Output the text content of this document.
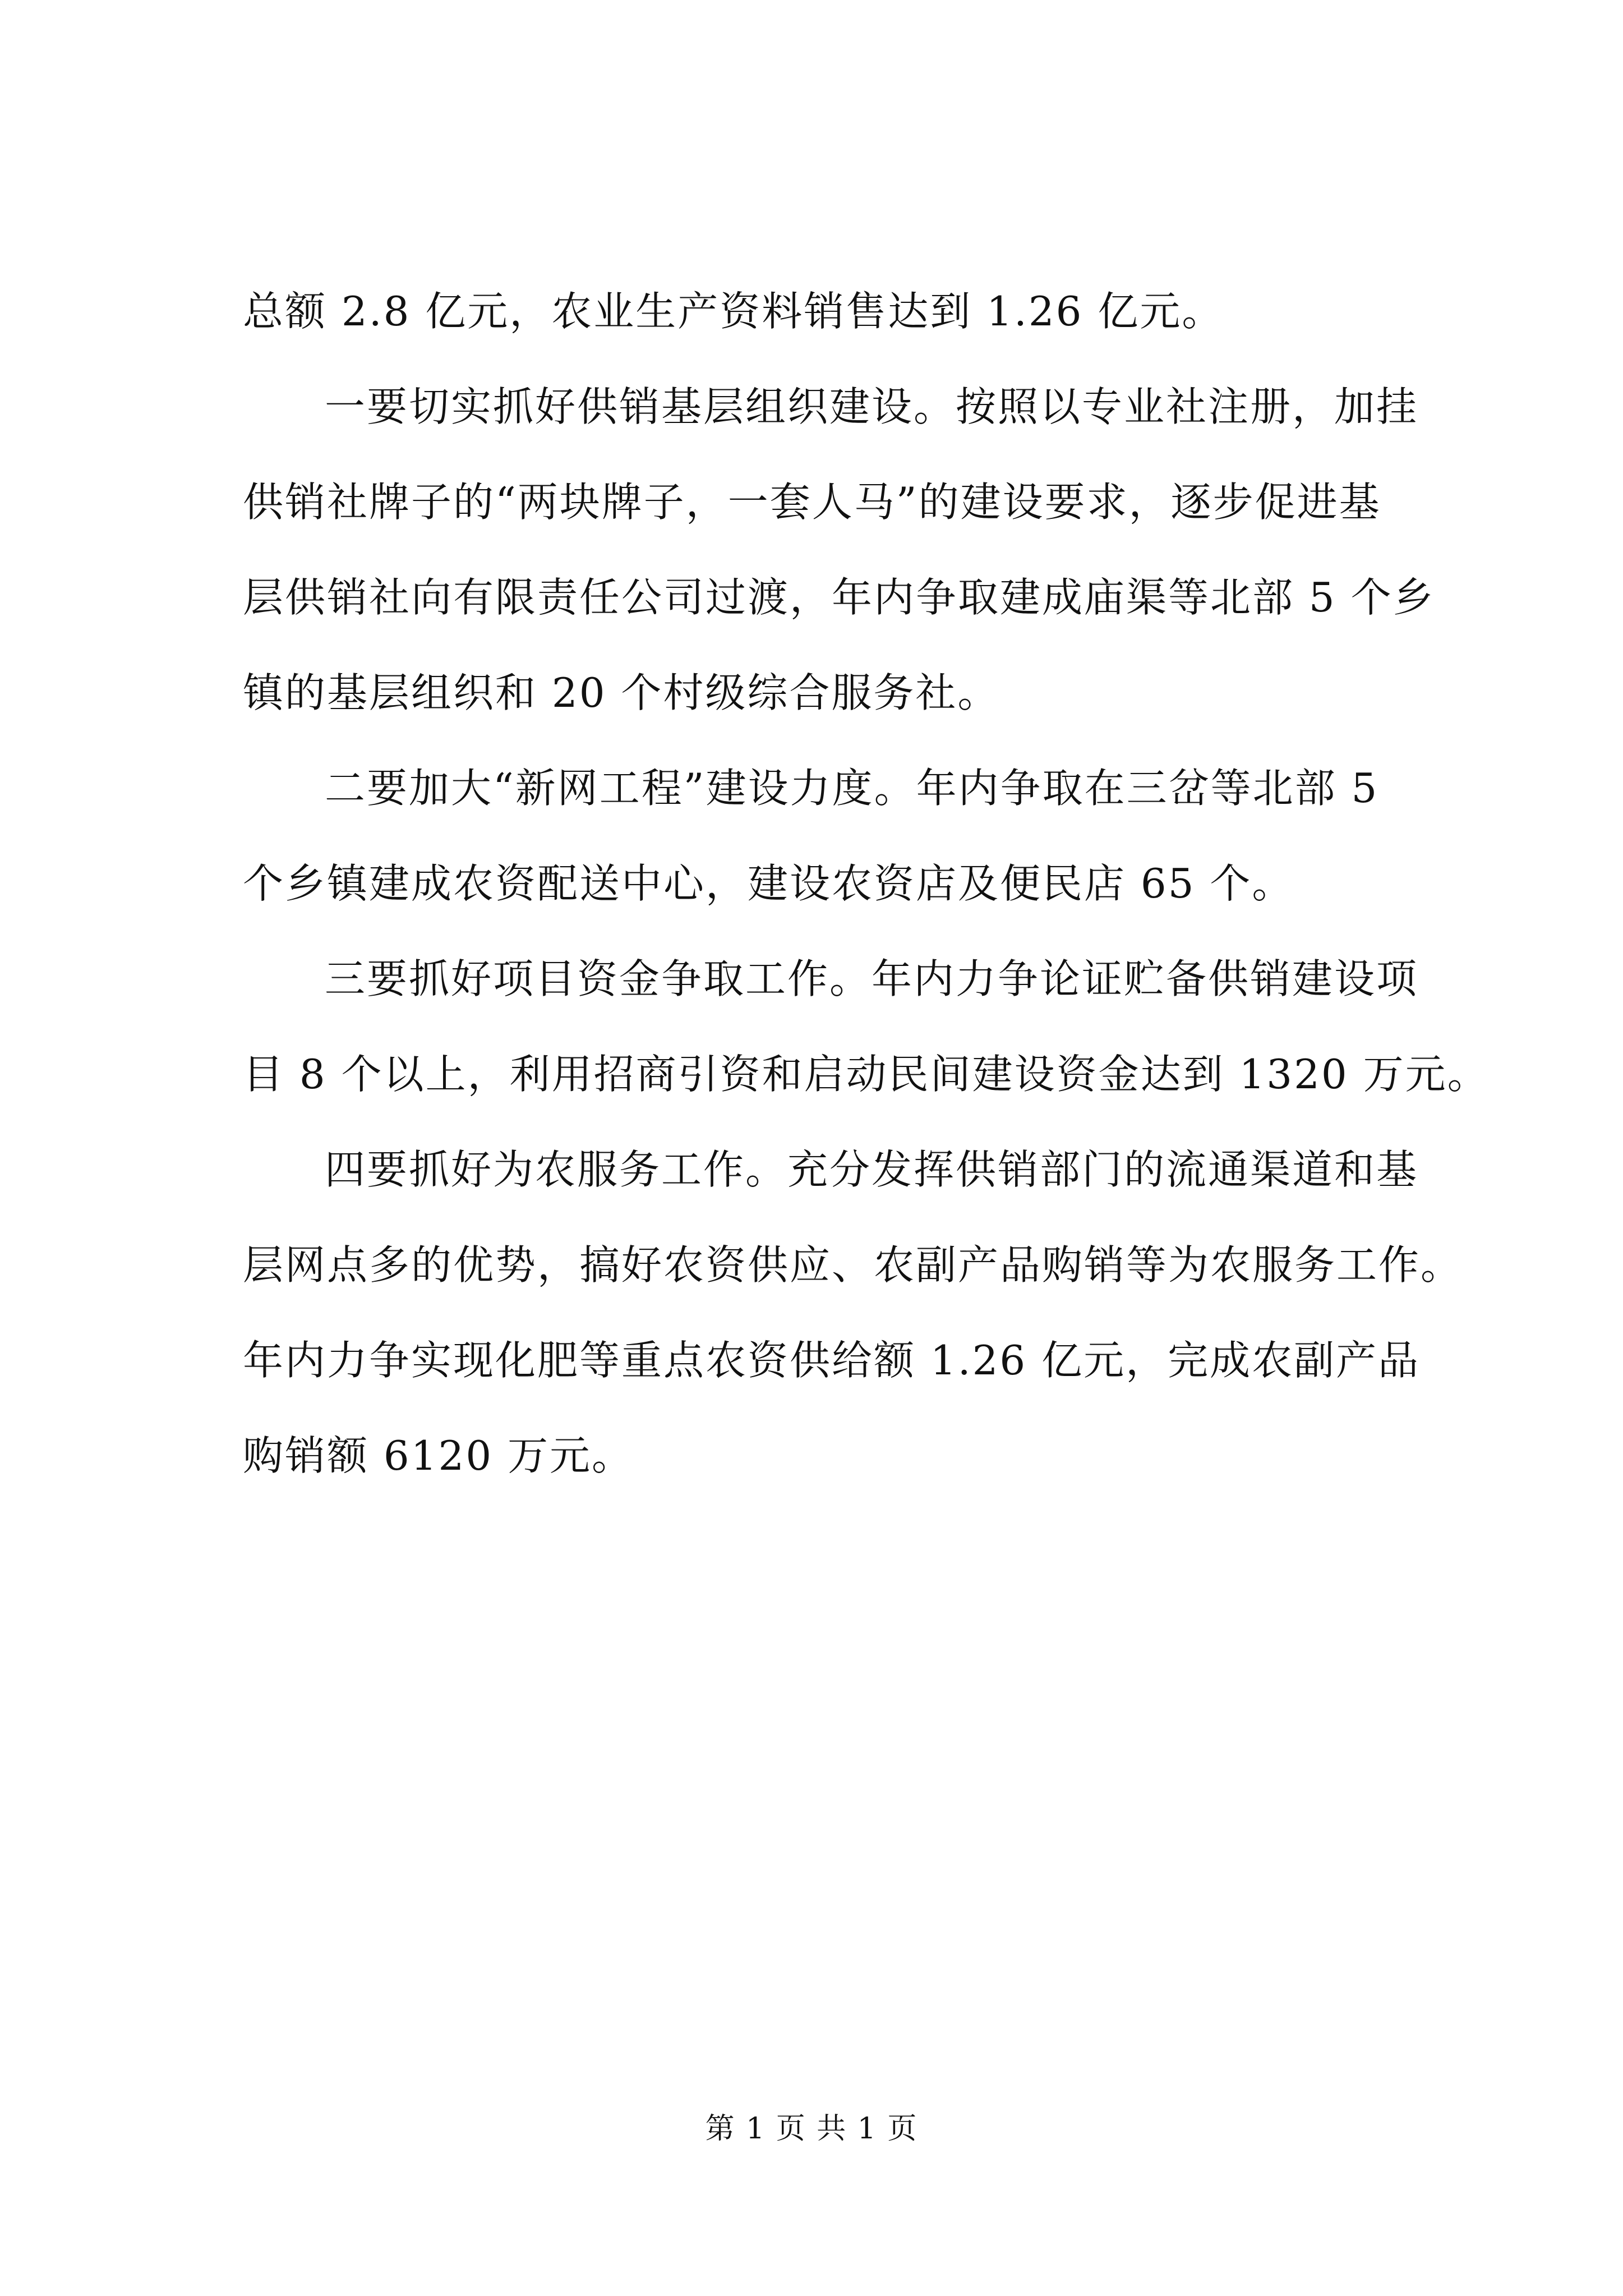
总额 2.8 亿元，农业生产资料销售达到 1.26 亿元。
一要切实抓好供销基层组织建设。按照以专业社注册，加挂
供销社牌子的“两块牌子，一套人马”的建设要求，逐步促进基
层供销社向有限责任公司过渡，年内争取建成庙渠等北部 5 个乡
镇的基层组织和 20 个村级综合服务社。
二要加大“新网工程”建设力度。年内争取在三岔等北部 5
个乡镇建成农资配送中心，建设农资店及便民店 65 个。
三要抓好项目资金争取工作。年内力争论证贮备供销建设项
目 8 个以上，利用招商引资和启动民间建设资金达到 1320 万元。
四要抓好为农服务工作。充分发挥供销部门的流通渠道和基
层网点多的优势，搞好农资供应、农副产品购销等为农服务工作。
年内力争实现化肥等重点农资供给额 1.26 亿元，完成农副产品
购销额 6120 万元。
第 1 页 共 1 页
